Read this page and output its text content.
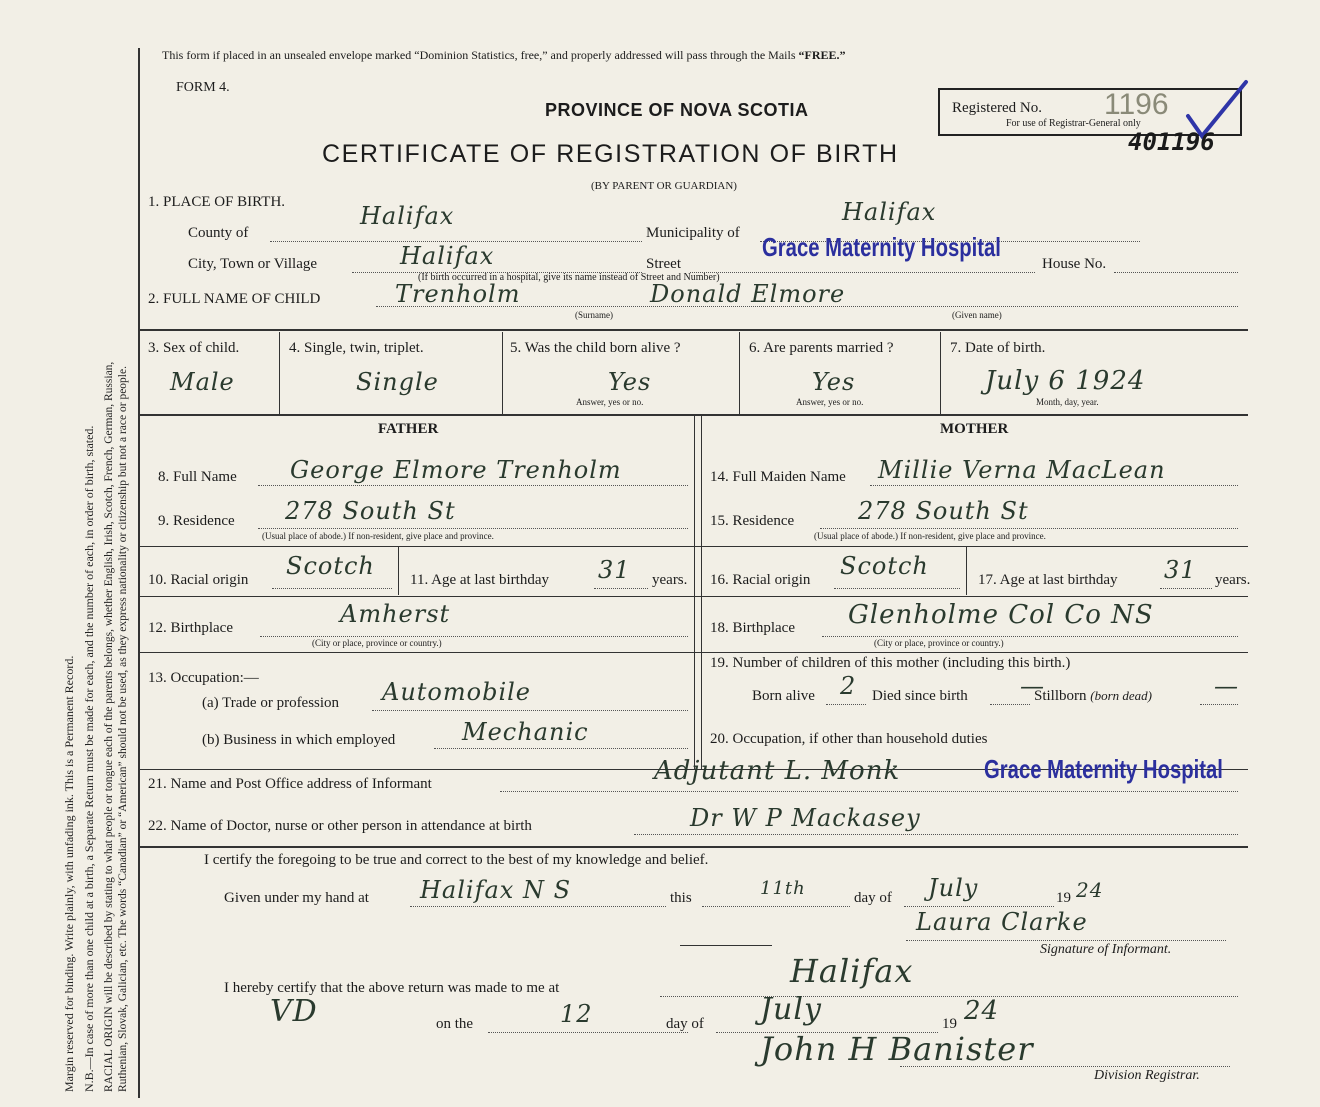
Margin reserved for binding. Write plainly, with unfading ink. This is a Permanent Record. N.B.—In case of more than one child at a birth, a Separate Return must be made for each, and the number of each, in order of birth, stated. RACIAL ORIGIN will be described by stating to what people or tongue each of the parents belongs, whether English, Irish, Scotch, French, German, Russian, Ruthenian, Slovak, Galician, etc. The words “Canadian” or “American” should not be used, as they express nationality or citizenship but not a race or people.
This form if placed in an unsealed envelope marked “Dominion Statistics, free,” and properly addressed will pass through the Mails “FREE.”
FORM 4.
PROVINCE OF NOVA SCOTIA	Registered No. 1196
For use of Registrar-General only
401196
CERTIFICATE OF REGISTRATION OF BIRTH
(BY PARENT OR GUARDIAN)
1. PLACE OF BIRTH.
County of
Halifax
Municipality of
Halifax
City, Town or Village	Halifax	Street
Grace Maternity Hospital
House No.
(If birth occurred in a hospital, give its name instead of Street and Number)
2. FULL NAME OF CHILD	Trenholm	Donald Elmore
(Surname)	(Given name)
3. Sex of child.
Male
4. Single, twin, triplet.
Single
5. Was the child born alive ?
Yes
Answer, yes or no.
6. Are parents married ?
Yes
Answer, yes or no.
7. Date of birth.
July 6 1924
Month, day, year.
FATHER	MOTHER
8. Full Name George Elmore Trenholm	14. Full Maiden Name Millie Verna MacLean
9. Residence 278 South St
(Usual place of abode.) If non-resident, give place and province.
15. Residence	278 South St
(Usual place of abode.) If non-resident, give place and province.
10. Racial origin Scotch 11. Age at last birthday 31 years. 16. Racial origin Scotch	17. Age at last birthday 31 years.
12. Birthplace	Amherst
(City or place, province or country.)
18. Birthplace Glenholme Col Co NS
(City or place, province or country.)
13. Occupation:—
(a) Trade or profession Automobile
(b) Business in which employed	Mechanic
19. Number of children of this mother (including this birth.)
Born alive 2 Died since birth —
Stillborn (born dead)	—
20. Occupation, if other than household duties
21. Name and Post Office address of Informant	Adjutant L. Monk	Grace Maternity Hospital
22. Name of Doctor, nurse or other person in attendance at birth	Dr W P Mackasey
I certify the foregoing to be true and correct to the best of my knowledge and belief.
Given under my hand at Halifax N S	this	11th	day of July	19 24
Laura Clarke
Signature of Informant.
I hereby certify that the above return was made to me at	Halifax
VD	on the	12	day of July	19 24
John H Banister
Division Registrar.
